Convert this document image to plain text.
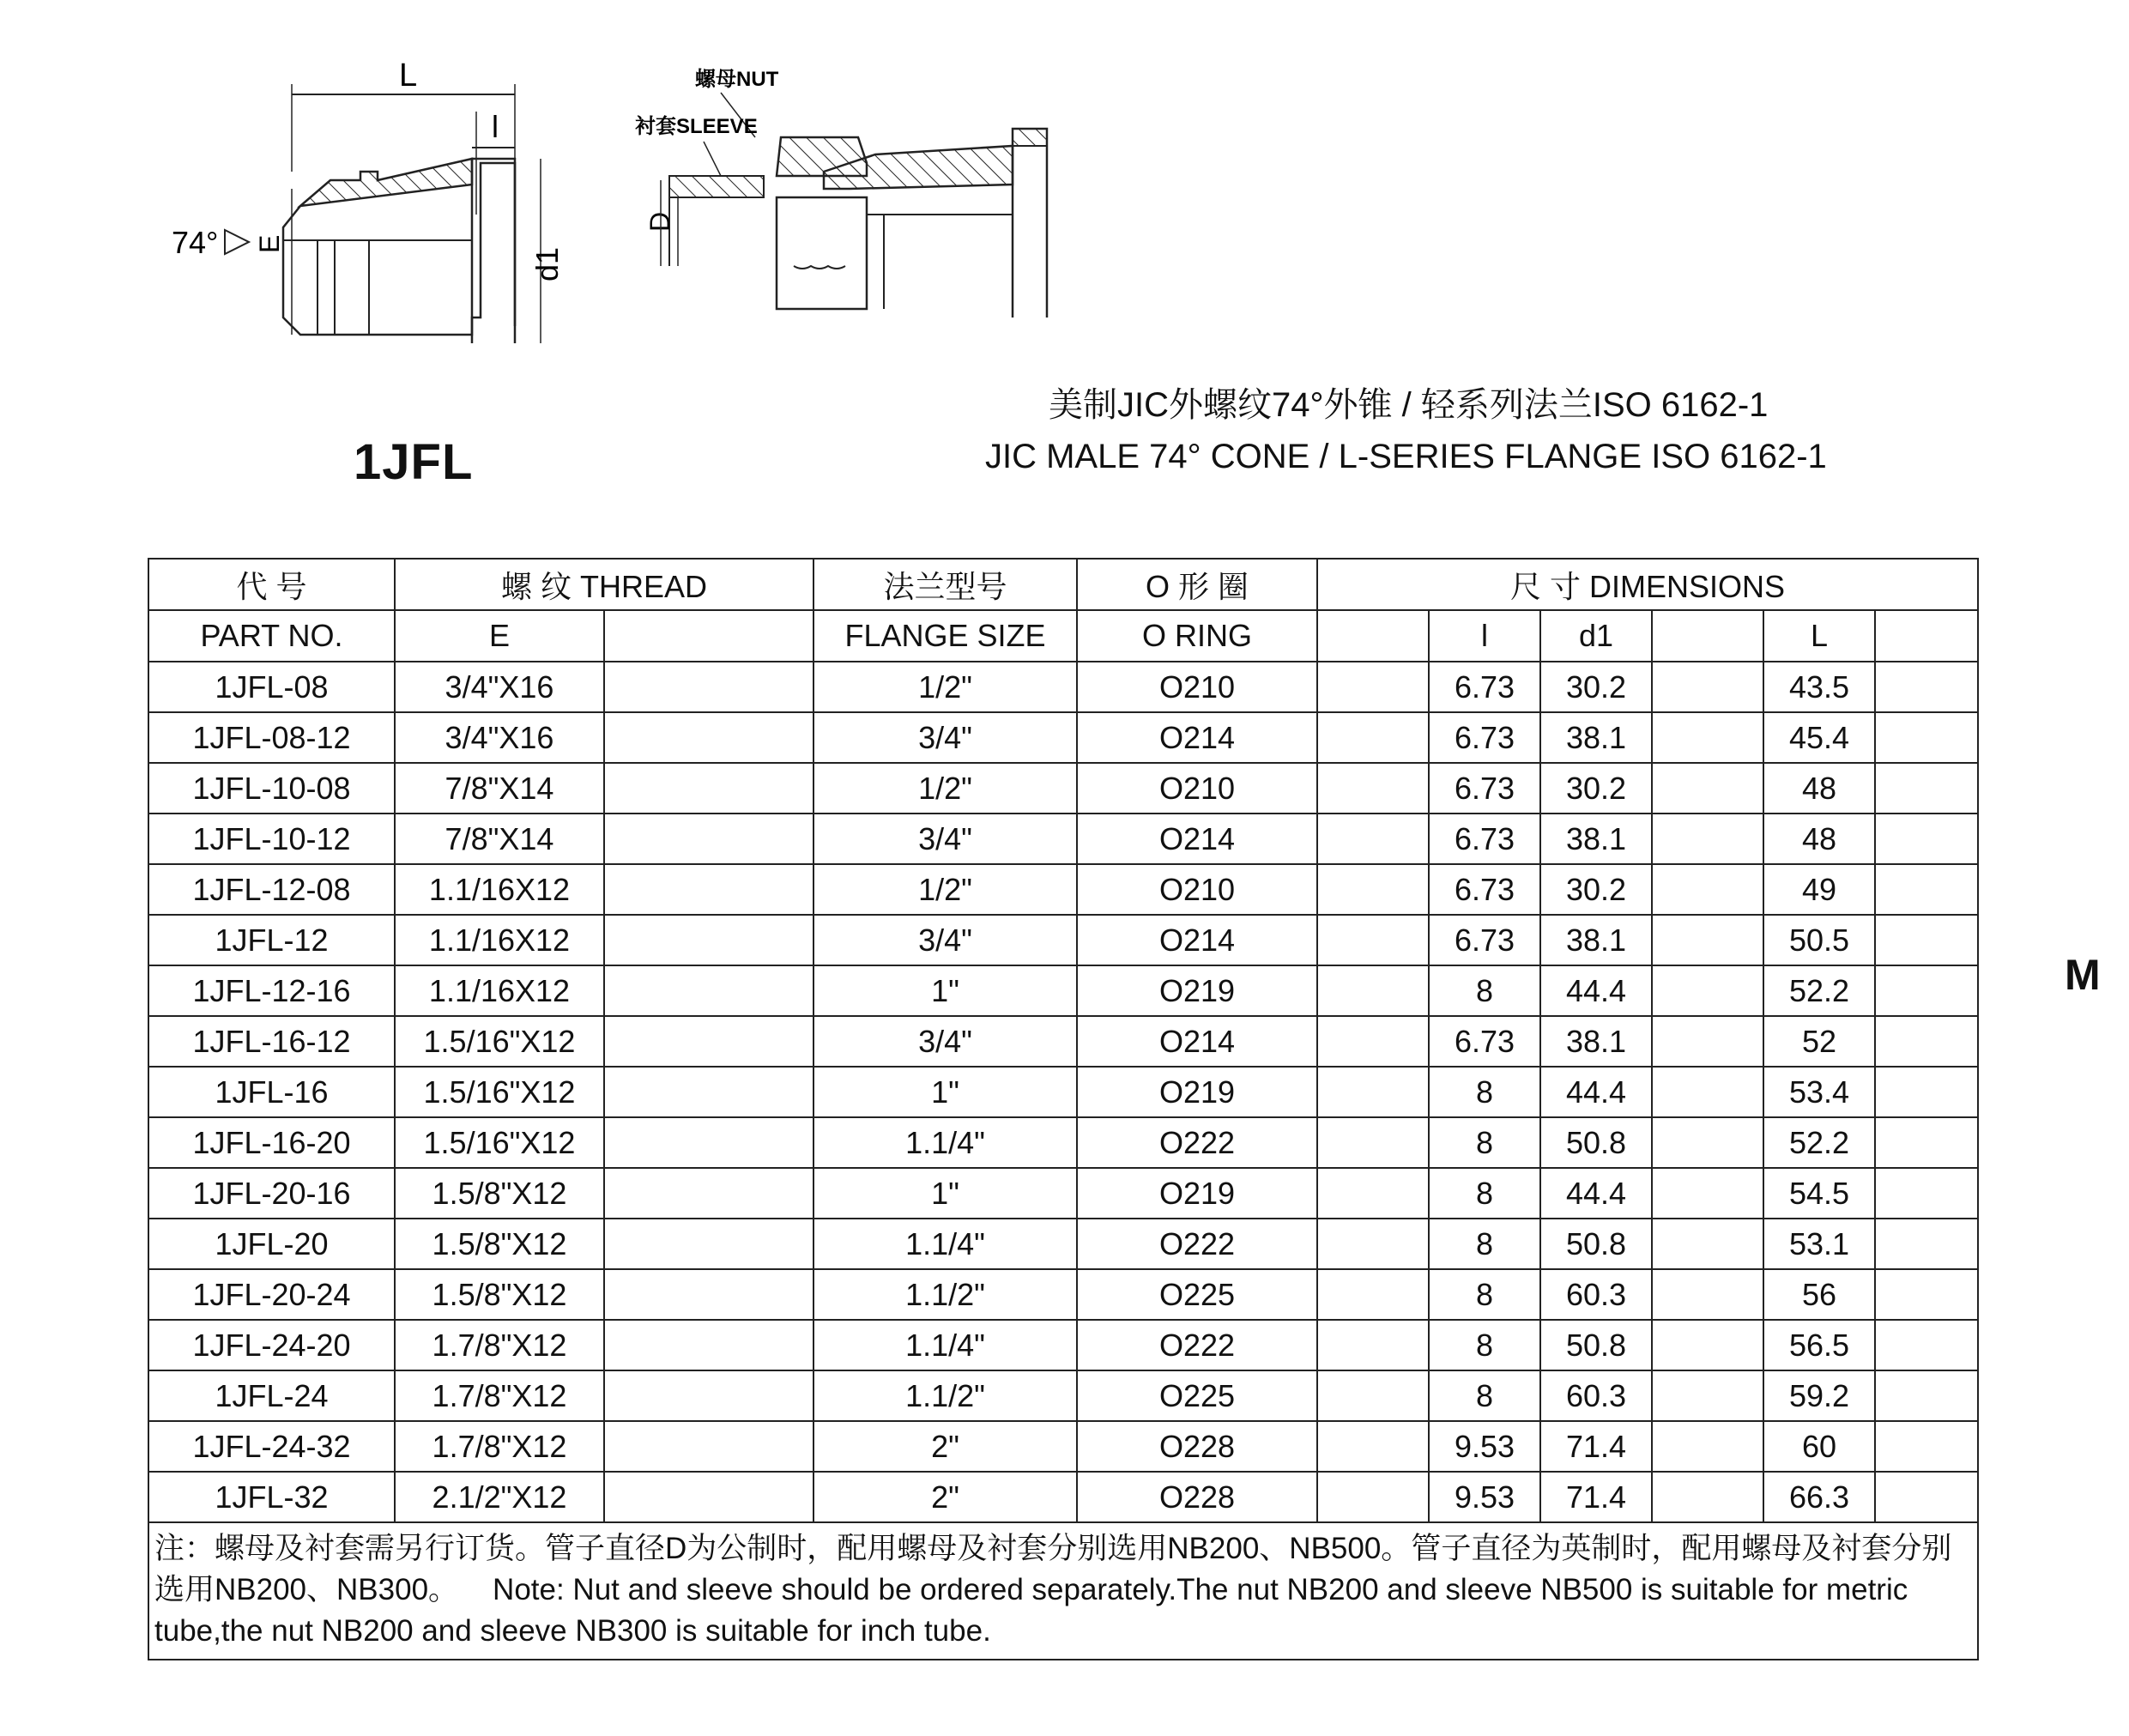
L
l
E
74°
d1
螺母NUT
衬套SLEEVE
D
1JFL
美制JIC外螺纹74°外锥 / 轻系列法兰ISO 6162-1
JIC MALE 74° CONE / L-SERIES FLANGE ISO 6162-1
M
代 号	螺 纹 THREAD		法兰型号	O 形 圈	尺 寸 DIMENSIONS					
PART NO.	E		FLANGE SIZE	O RING		l	d1		L	
1JFL-08	3/4"X16		1/2"	O210		6.73	30.2		43.5	
1JFL-08-12	3/4"X16		3/4"	O214		6.73	38.1		45.4	
1JFL-10-08	7/8"X14		1/2"	O210		6.73	30.2		48	
1JFL-10-12	7/8"X14		3/4"	O214		6.73	38.1		48	
1JFL-12-08	1.1/16X12		1/2"	O210		6.73	30.2		49	
1JFL-12	1.1/16X12		3/4"	O214		6.73	38.1		50.5	
1JFL-12-16	1.1/16X12		1"	O219		8	44.4		52.2	
1JFL-16-12	1.5/16"X12		3/4"	O214		6.73	38.1		52	
1JFL-16	1.5/16"X12		1"	O219		8	44.4		53.4	
1JFL-16-20	1.5/16"X12		1.1/4"	O222		8	50.8		52.2	
1JFL-20-16	1.5/8"X12		1"	O219		8	44.4		54.5	
1JFL-20	1.5/8"X12		1.1/4"	O222		8	50.8		53.1	
1JFL-20-24	1.5/8"X12		1.1/2"	O225		8	60.3		56	
1JFL-24-20	1.7/8"X12		1.1/4"	O222		8	50.8		56.5	
1JFL-24	1.7/8"X12		1.1/2"	O225		8	60.3		59.2	
1JFL-24-32	1.7/8"X12		2"	O228		9.53	71.4		60	
1JFL-32	2.1/2"X12		2"	O228		9.53	71.4		66.3	
注：螺母及衬套需另行订货。管子直径D为公制时，配用螺母及衬套分别选用NB200、NB500。管子直径为英制时，配用螺母及衬套分别选用NB200、NB300。 Note: Nut and sleeve should be ordered separately.The nut NB200 and sleeve NB500 is suitable for metric tube,the nut NB200 and sleeve NB300 is suitable for inch tube.										
